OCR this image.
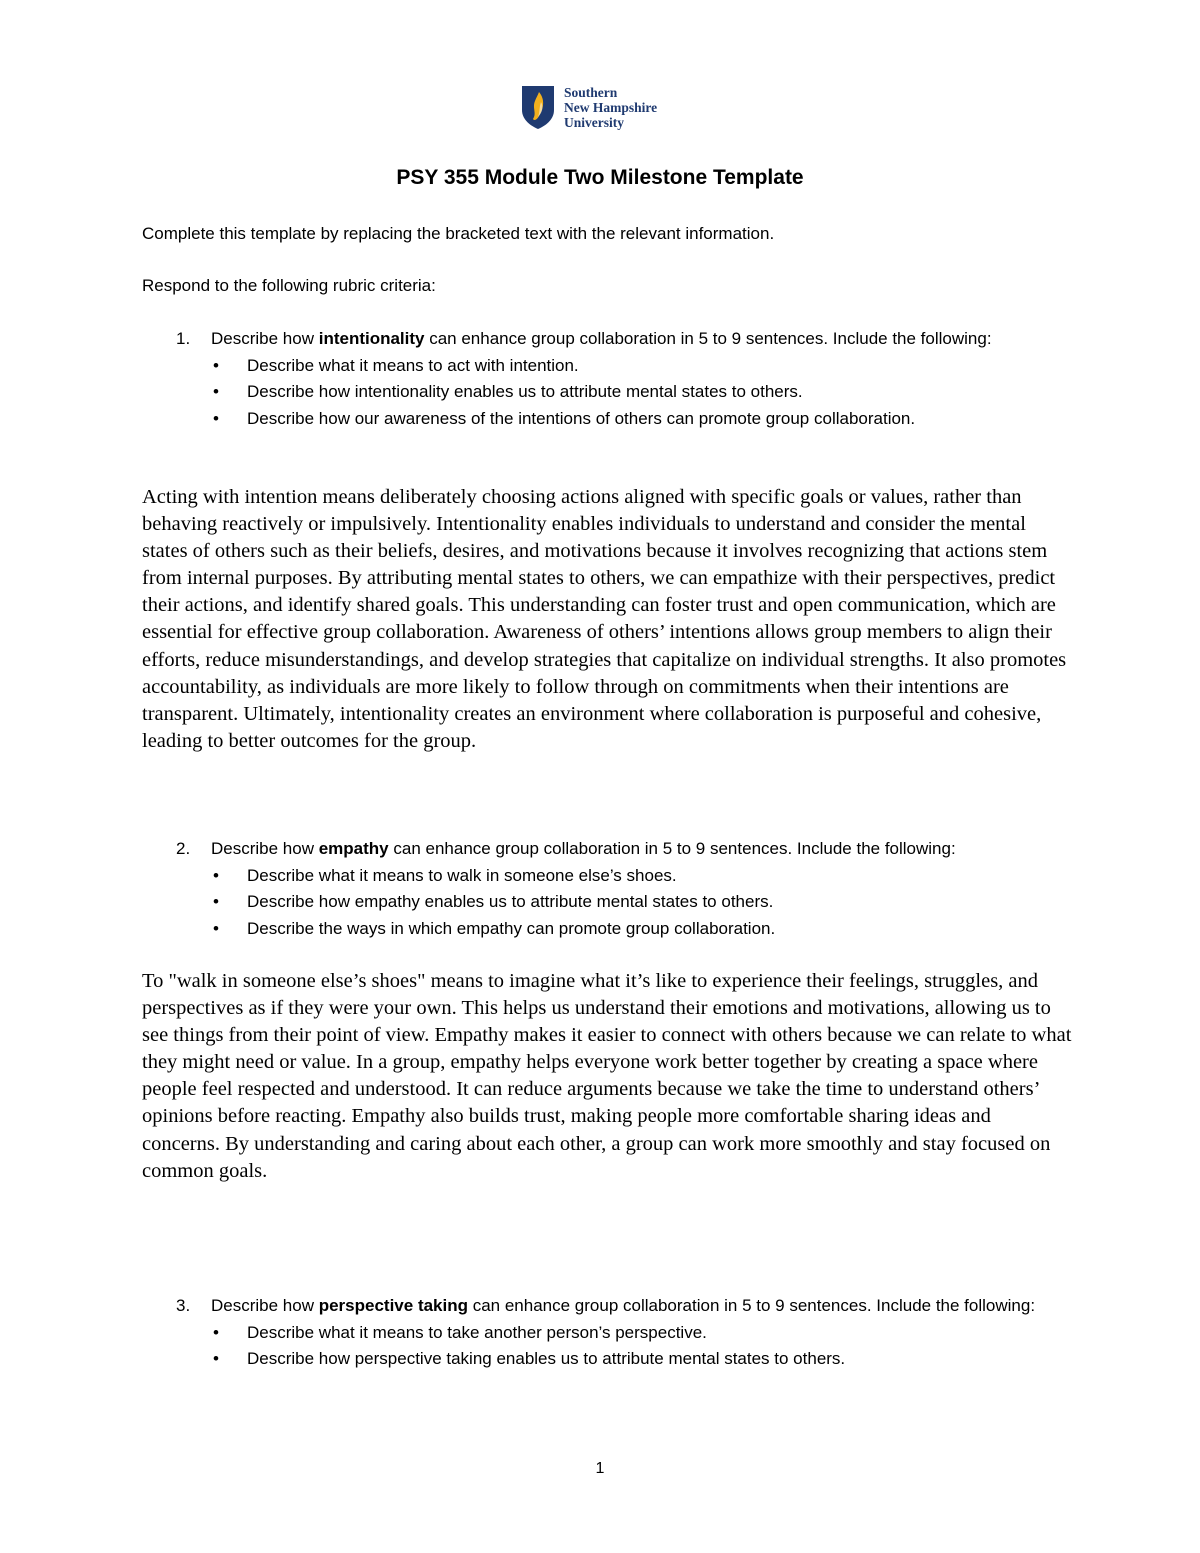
Southern
New Hampshire
University
PSY 355 Module Two Milestone Template
Complete this template by replacing the bracketed text with the relevant information.
Respond to the following rubric criteria:
1. Describe how intentionality can enhance group collaboration in 5 to 9 sentences. Include the following:
• Describe what it means to act with intention.
• Describe how intentionality enables us to attribute mental states to others.
• Describe how our awareness of the intentions of others can promote group collaboration.

Acting with intention means deliberately choosing actions aligned with specific goals or values, rather than behaving reactively or impulsively. Intentionality enables individuals to understand and consider the mental states of others such as their beliefs, desires, and motivations because it involves recognizing that actions stem from internal purposes. By attributing mental states to others, we can empathize with their perspectives, predict their actions, and identify shared goals. This understanding can foster trust and open communication, which are essential for effective group collaboration. Awareness of others’ intentions allows group members to align their efforts, reduce misunderstandings, and develop strategies that capitalize on individual strengths. It also promotes accountability, as individuals are more likely to follow through on commitments when their intentions are transparent. Ultimately, intentionality creates an environment where collaboration is purposeful and cohesive, leading to better outcomes for the group.

2. Describe how empathy can enhance group collaboration in 5 to 9 sentences. Include the following:
• Describe what it means to walk in someone else’s shoes.
• Describe how empathy enables us to attribute mental states to others.
• Describe the ways in which empathy can promote group collaboration.

To "walk in someone else’s shoes" means to imagine what it’s like to experience their feelings, struggles, and perspectives as if they were your own. This helps us understand their emotions and motivations, allowing us to see things from their point of view. Empathy makes it easier to connect with others because we can relate to what they might need or value. In a group, empathy helps everyone work better together by creating a space where people feel respected and understood. It can reduce arguments because we take the time to understand others’ opinions before reacting. Empathy also builds trust, making people more comfortable sharing ideas and concerns. By understanding and caring about each other, a group can work more smoothly and stay focused on common goals.

3. Describe how perspective taking can enhance group collaboration in 5 to 9 sentences. Include the following:
• Describe what it means to take another person’s perspective.
• Describe how perspective taking enables us to attribute mental states to others.
1
